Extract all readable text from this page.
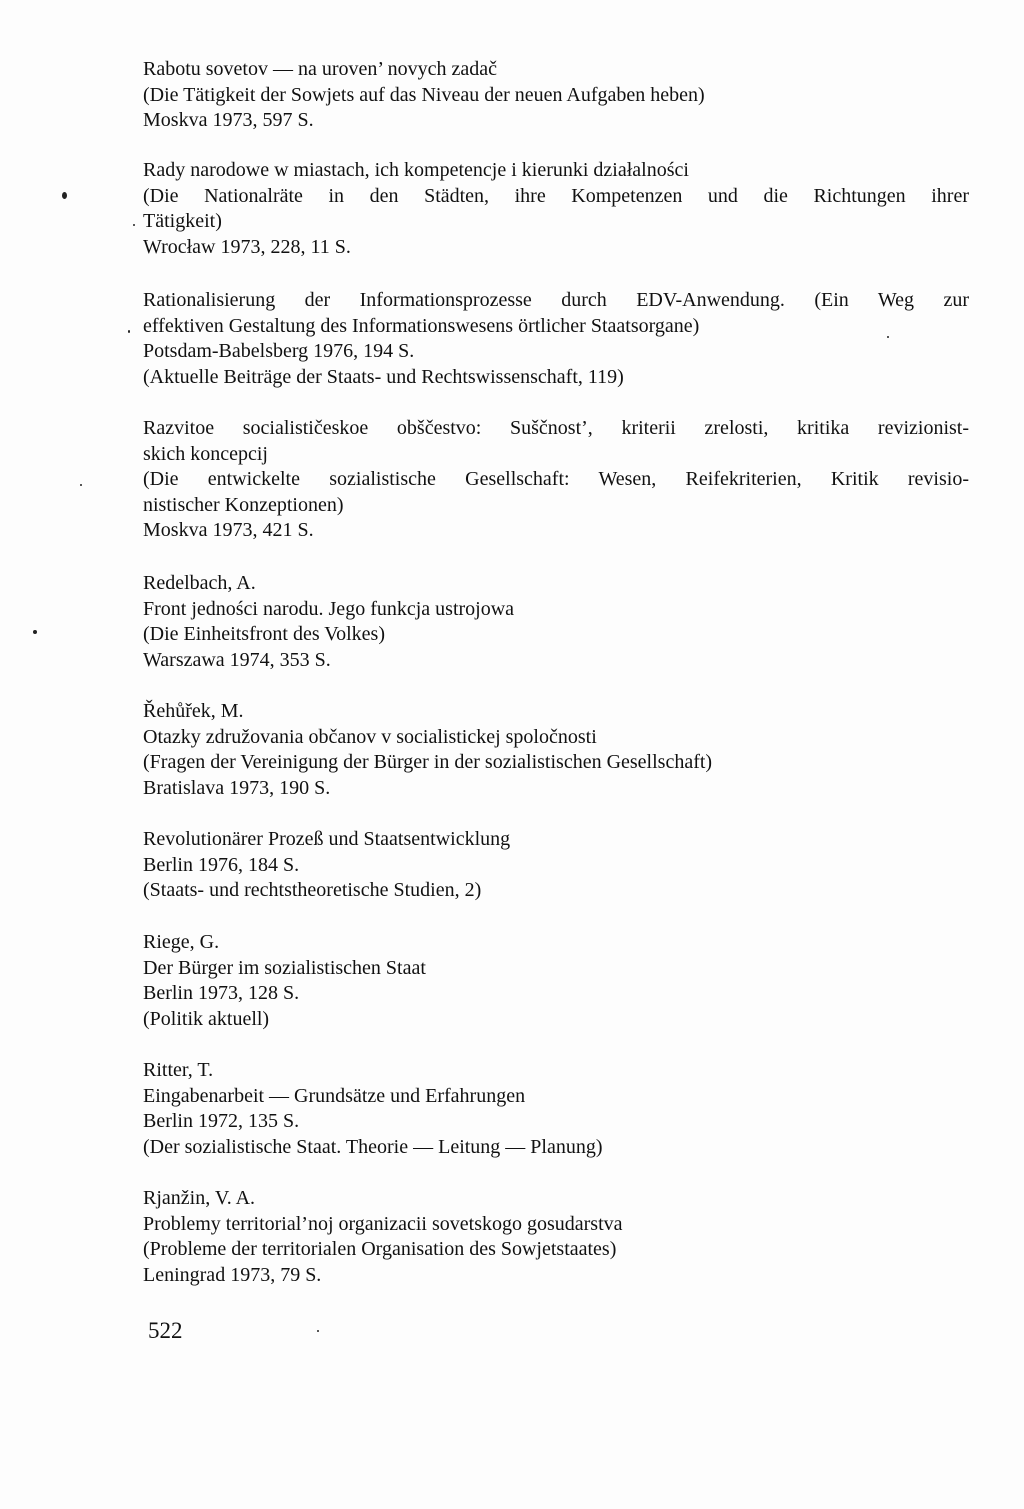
Rabotu sovetov — na uroven’ novych zadač
(Die Tätigkeit der Sowjets auf das Niveau der neuen Aufgaben heben)
Moskva 1973, 597 S.
Rady narodowe w miastach, ich kompetencje i kierunki działalności
(Die Nationalräte in den Städten, ihre Kompetenzen und die Richtungen ihrer
Tätigkeit)
Wrocław 1973, 228, 11 S.
Rationalisierung der Informationsprozesse durch EDV-Anwendung. (Ein Weg zur
effektiven Gestaltung des Informationswesens örtlicher Staatsorgane)
Potsdam-Babelsberg 1976, 194 S.
(Aktuelle Beiträge der Staats- und Rechtswissenschaft, 119)
Razvitoe socialističeskoe obščestvo: Suščnost’, kriterii zrelosti, kritika revizionist-
skich koncepcij
(Die entwickelte sozialistische Gesellschaft: Wesen, Reifekriterien, Kritik revisio-
nistischer Konzeptionen)
Moskva 1973, 421 S.
Redelbach, A.
Front jedności narodu. Jego funkcja ustrojowa
(Die Einheitsfront des Volkes)
Warszawa 1974, 353 S.
Řehůřek, M.
Otazky združovania občanov v socialistickej spoločnosti
(Fragen der Vereinigung der Bürger in der sozialistischen Gesellschaft)
Bratislava 1973, 190 S.
Revolutionärer Prozeß und Staatsentwicklung
Berlin 1976, 184 S.
(Staats- und rechtstheoretische Studien, 2)
Riege, G.
Der Bürger im sozialistischen Staat
Berlin 1973, 128 S.
(Politik aktuell)
Ritter, T.
Eingabenarbeit — Grundsätze und Erfahrungen
Berlin 1972, 135 S.
(Der sozialistische Staat. Theorie — Leitung — Planung)
Rjanžin, V. A.
Problemy territorial’noj organizacii sovetskogo gosudarstva
(Probleme der territorialen Organisation des Sowjetstaates)
Leningrad 1973, 79 S.
522
